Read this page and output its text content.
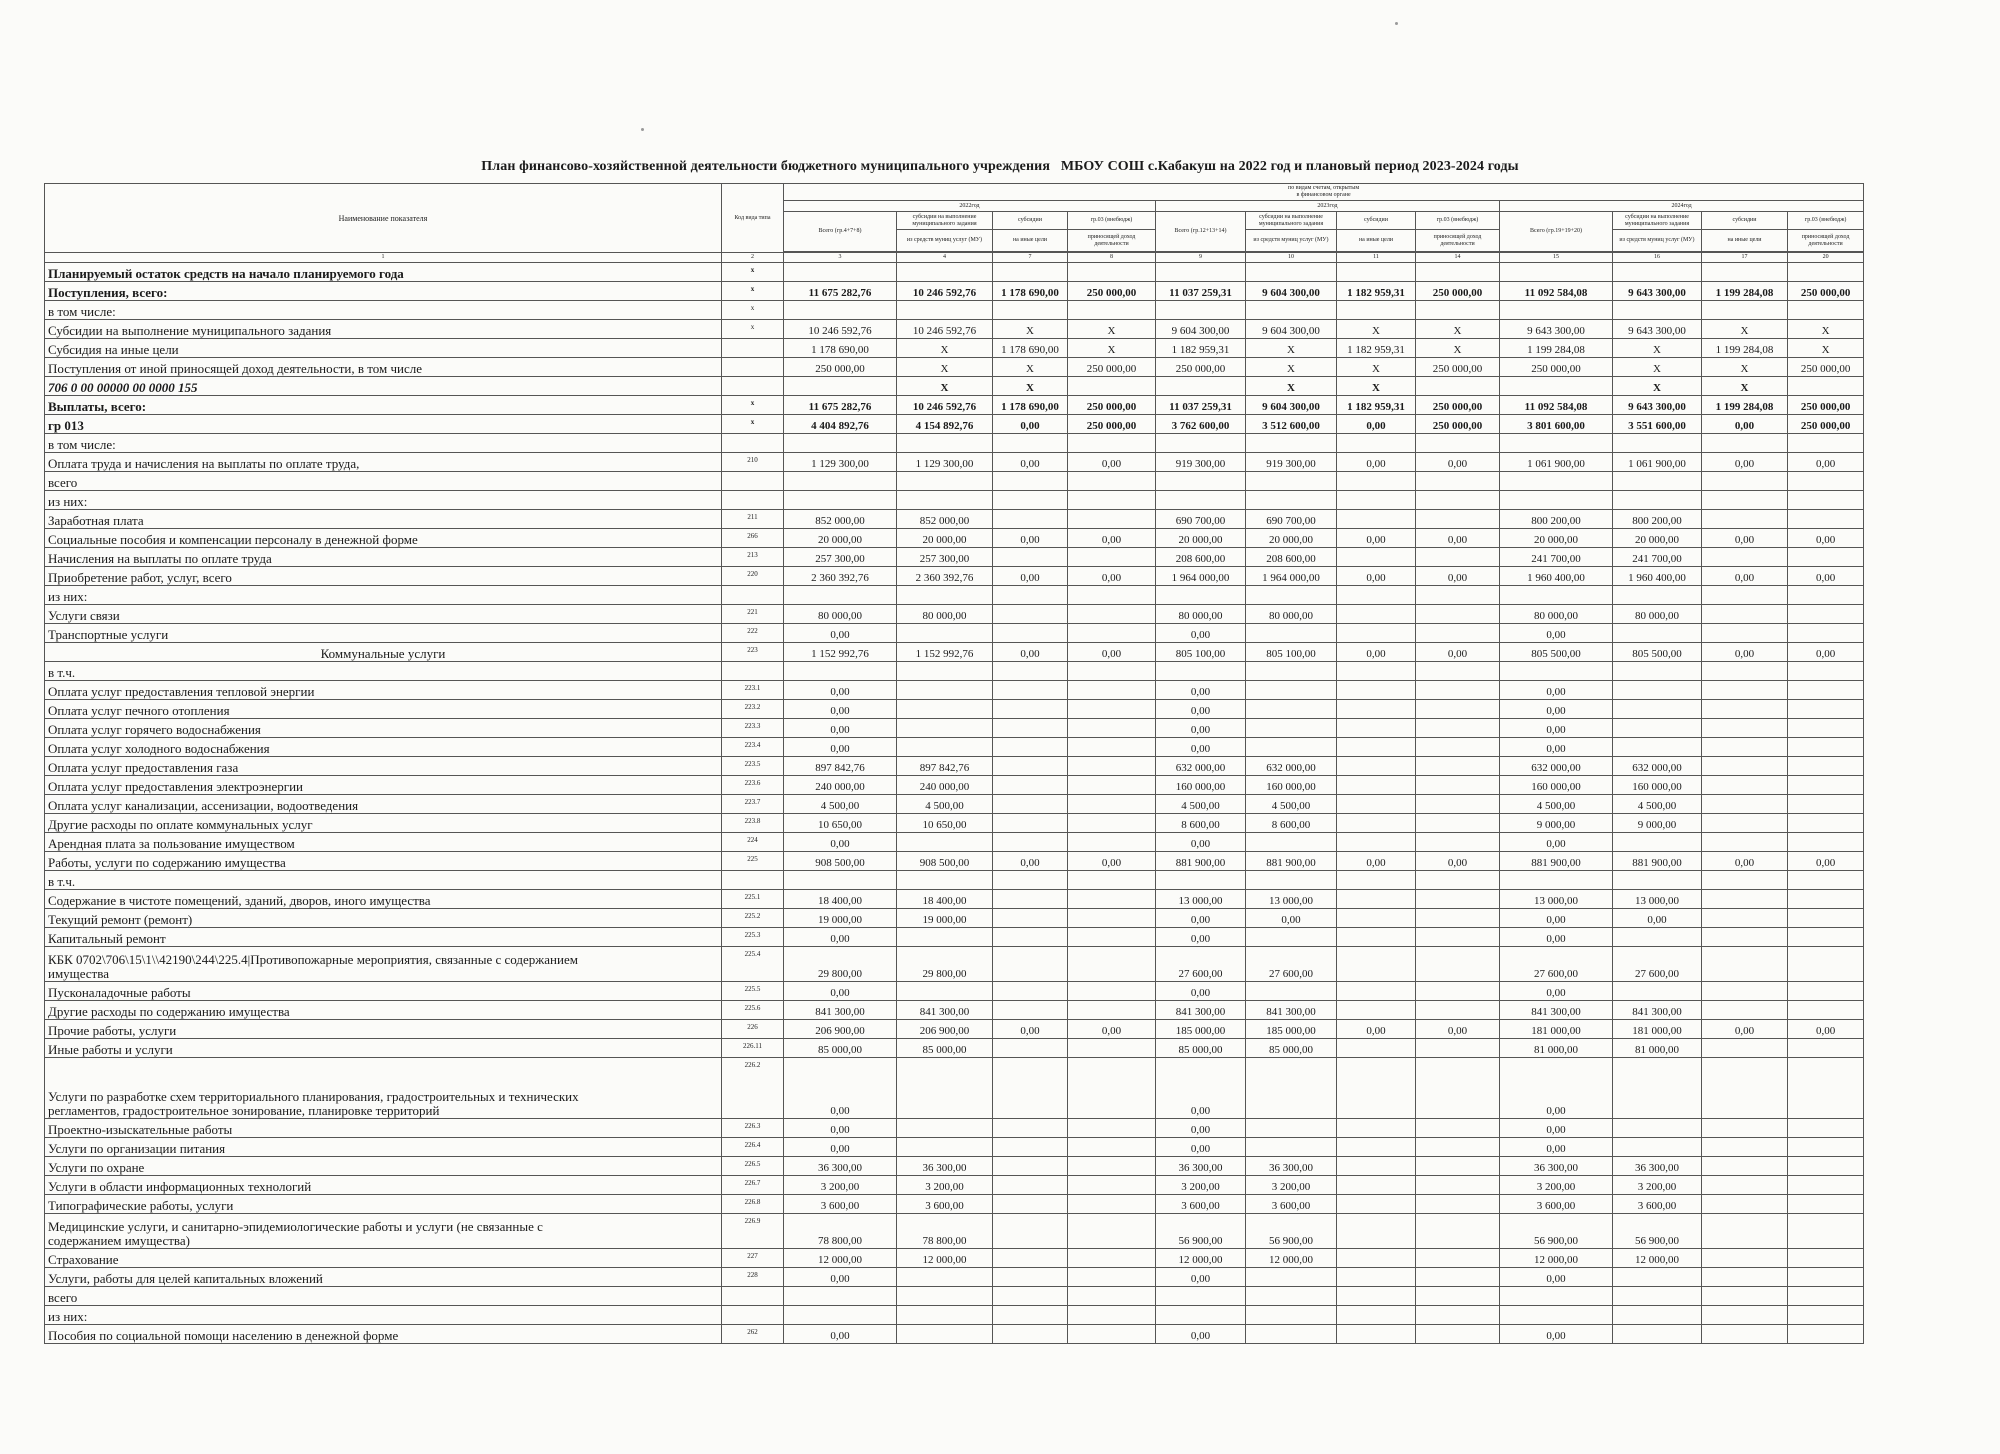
План финансово-хозяйственной деятельности бюджетного муниципального учреждения МБОУ СОШ с.Кабакуш на 2022 год и плановый период 2023-2024 годы
Наименование показателя	Код вида типа	по видам счетам, открытым
в финансовом органе											
		2022год				2023год				2024год			
		Всего (гр.4+7+8)	субсидии на выполнение муниципального задания	субсидии	гр.03 (внебюдж)	Всего (гр.12+13+14)	субсидии на выполнение муниципального задания	субсидии	гр.03 (внебюдж)	Всего (гр.19+19+20)	субсидии на выполнение муниципального задания	субсидии	гр.03 (внебюдж)
			из средств муниц услуг (МУ)	на иные цели	приносящей доход деятельности		из средств муниц услуг (МУ)	на иные цели	приносящей доход деятельности		из средств муниц услуг (МУ)	на иные цели	приносящей доход деятельности

1	2	3	4	7	8	9	10	11	14	15	16	17	20
Планируемый остаток средств на начало планируемого года	x												
Поступления, всего:	x	11 675 282,76	10 246 592,76	1 178 690,00	250 000,00	11 037 259,31	9 604 300,00	1 182 959,31	250 000,00	11 092 584,08	9 643 300,00	1 199 284,08	250 000,00
в том числе:	x												
Субсидии на выполнение муниципального задания	x	10 246 592,76	10 246 592,76	X	X	9 604 300,00	9 604 300,00	X	X	9 643 300,00	9 643 300,00	X	X
Субсидия на иные цели		1 178 690,00	X	1 178 690,00	X	1 182 959,31	X	1 182 959,31	X	1 199 284,08	X	1 199 284,08	X
Поступления от иной приносящей доход деятельности, в том числе		250 000,00	X	X	250 000,00	250 000,00	X	X	250 000,00	250 000,00	X	X	250 000,00
706 0 00 00000 00 0000 155			X	X			X	X			X	X	
Выплаты, всего:	x	11 675 282,76	10 246 592,76	1 178 690,00	250 000,00	11 037 259,31	9 604 300,00	1 182 959,31	250 000,00	11 092 584,08	9 643 300,00	1 199 284,08	250 000,00
гр 013	x	4 404 892,76	4 154 892,76	0,00	250 000,00	3 762 600,00	3 512 600,00	0,00	250 000,00	3 801 600,00	3 551 600,00	0,00	250 000,00
в том числе:													
Оплата труда и начисления на выплаты по оплате труда,	210	1 129 300,00	1 129 300,00	0,00	0,00	919 300,00	919 300,00	0,00	0,00	1 061 900,00	1 061 900,00	0,00	0,00
всего													
из них:													
Заработная плата	211	852 000,00	852 000,00			690 700,00	690 700,00			800 200,00	800 200,00		
Социальные пособия и компенсации персоналу в денежной форме	266	20 000,00	20 000,00	0,00	0,00	20 000,00	20 000,00	0,00	0,00	20 000,00	20 000,00	0,00	0,00
Начисления на выплаты по оплате труда	213	257 300,00	257 300,00			208 600,00	208 600,00			241 700,00	241 700,00		
Приобретение работ, услуг, всего	220	2 360 392,76	2 360 392,76	0,00	0,00	1 964 000,00	1 964 000,00	0,00	0,00	1 960 400,00	1 960 400,00	0,00	0,00
из них:													
Услуги связи	221	80 000,00	80 000,00			80 000,00	80 000,00			80 000,00	80 000,00		
Транспортные услуги	222	0,00				0,00				0,00			
Коммунальные услуги	223	1 152 992,76	1 152 992,76	0,00	0,00	805 100,00	805 100,00	0,00	0,00	805 500,00	805 500,00	0,00	0,00
в т.ч.													
Оплата услуг предоставления тепловой энергии	223.1	0,00				0,00				0,00			
Оплата услуг печного отопления	223.2	0,00				0,00				0,00			
Оплата услуг горячего водоснабжения	223.3	0,00				0,00				0,00			
Оплата услуг холодного водоснабжения	223.4	0,00				0,00				0,00			
Оплата услуг предоставления газа	223.5	897 842,76	897 842,76			632 000,00	632 000,00			632 000,00	632 000,00		
Оплата услуг предоставления электроэнергии	223.6	240 000,00	240 000,00			160 000,00	160 000,00			160 000,00	160 000,00		
Оплата услуг канализации, ассенизации, водоотведения	223.7	4 500,00	4 500,00			4 500,00	4 500,00			4 500,00	4 500,00		
Другие расходы по оплате коммунальных услуг	223.8	10 650,00	10 650,00			8 600,00	8 600,00			9 000,00	9 000,00		
Арендная плата за пользование имуществом	224	0,00				0,00				0,00			
Работы, услуги по содержанию имущества	225	908 500,00	908 500,00	0,00	0,00	881 900,00	881 900,00	0,00	0,00	881 900,00	881 900,00	0,00	0,00
в т.ч.													
Содержание в чистоте помещений, зданий, дворов, иного имущества	225.1	18 400,00	18 400,00			13 000,00	13 000,00			13 000,00	13 000,00		
Текущий ремонт (ремонт)	225.2	19 000,00	19 000,00			0,00	0,00			0,00	0,00		
Капитальный ремонт	225.3	0,00				0,00				0,00			
КБК 0702\706\15\1\\42190\244\225.4|Противопожарные мероприятия, связанные с содержанием
имущества	225.4	29 800,00	29 800,00			27 600,00	27 600,00			27 600,00	27 600,00		
Пусконаладочные работы	225.5	0,00				0,00				0,00			
Другие расходы по содержанию имущества	225.6	841 300,00	841 300,00			841 300,00	841 300,00			841 300,00	841 300,00		
Прочие работы, услуги	226	206 900,00	206 900,00	0,00	0,00	185 000,00	185 000,00	0,00	0,00	181 000,00	181 000,00	0,00	0,00
Иные работы и услуги	226.11	85 000,00	85 000,00			85 000,00	85 000,00			81 000,00	81 000,00		
Услуги по разработке схем территориального планирования, градостроительных и технических
регламентов, градостроительное зонирование, планировке территорий	226.2	0,00				0,00				0,00			
Проектно-изыскательные работы	226.3	0,00				0,00				0,00			
Услуги по организации питания	226.4	0,00				0,00				0,00			
Услуги по охране	226.5	36 300,00	36 300,00			36 300,00	36 300,00			36 300,00	36 300,00		
Услуги в области информационных технологий	226.7	3 200,00	3 200,00			3 200,00	3 200,00			3 200,00	3 200,00		
Типографические работы, услуги	226.8	3 600,00	3 600,00			3 600,00	3 600,00			3 600,00	3 600,00		
Медицинские услуги, и санитарно-эпидемиологические работы и услуги (не связанные с
содержанием имущества)	226.9	78 800,00	78 800,00			56 900,00	56 900,00			56 900,00	56 900,00		
Страхование	227	12 000,00	12 000,00			12 000,00	12 000,00			12 000,00	12 000,00		
Услуги, работы для целей капитальных вложений	228	0,00				0,00				0,00			
всего													
из них:													
Пособия по социальной помощи населению в денежной форме	262	0,00				0,00				0,00			
